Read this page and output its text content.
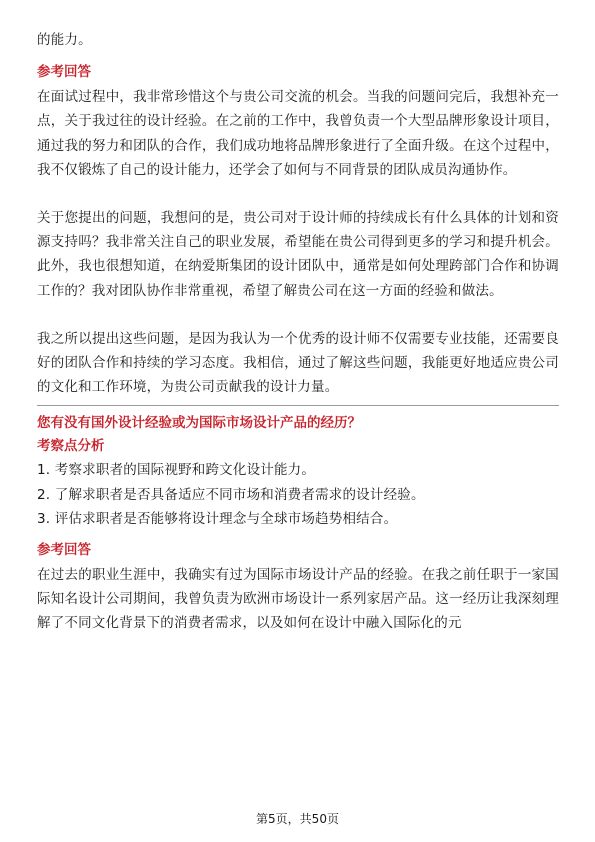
的能力。

参考回答

在面试过程中，我非常珍惜这个与贵公司交流的机会。当我的问题问完后，我想补充一点，关于我过往的设计经验。在之前的工作中，我曾负责一个大型品牌形象设计项目，通过我的努力和团队的合作，我们成功地将品牌形象进行了全面升级。在这个过程中，我不仅锻炼了自己的设计能力，还学会了如何与不同背景的团队成员沟通协作。

关于您提出的问题，我想问的是，贵公司对于设计师的持续成长有什么具体的计划和资源支持吗？我非常关注自己的职业发展，希望能在贵公司得到更多的学习和提升机会。此外，我也很想知道，在纳爱斯集团的设计团队中，通常是如何处理跨部门合作和协调工作的？我对团队协作非常重视，希望了解贵公司在这一方面的经验和做法。

我之所以提出这些问题，是因为我认为一个优秀的设计师不仅需要专业技能，还需要良好的团队合作和持续的学习态度。我相信，通过了解这些问题，我能更好地适应贵公司的文化和工作环境，为贵公司贡献我的设计力量。

您有没有国外设计经验或为国际市场设计产品的经历？
考察点分析
1. 考察求职者的国际视野和跨文化设计能力。
2. 了解求职者是否具备适应不同市场和消费者需求的设计经验。
3. 评估求职者是否能够将设计理念与全球市场趋势相结合。
参考回答

在过去的职业生涯中，我确实有过为国际市场设计产品的经验。在我之前任职于一家国际知名设计公司期间，我曾负责为欧洲市场设计一系列家居产品。这一经历让我深刻理解了不同文化背景下的消费者需求，以及如何在设计中融入国际化的元

第5页，共50页
